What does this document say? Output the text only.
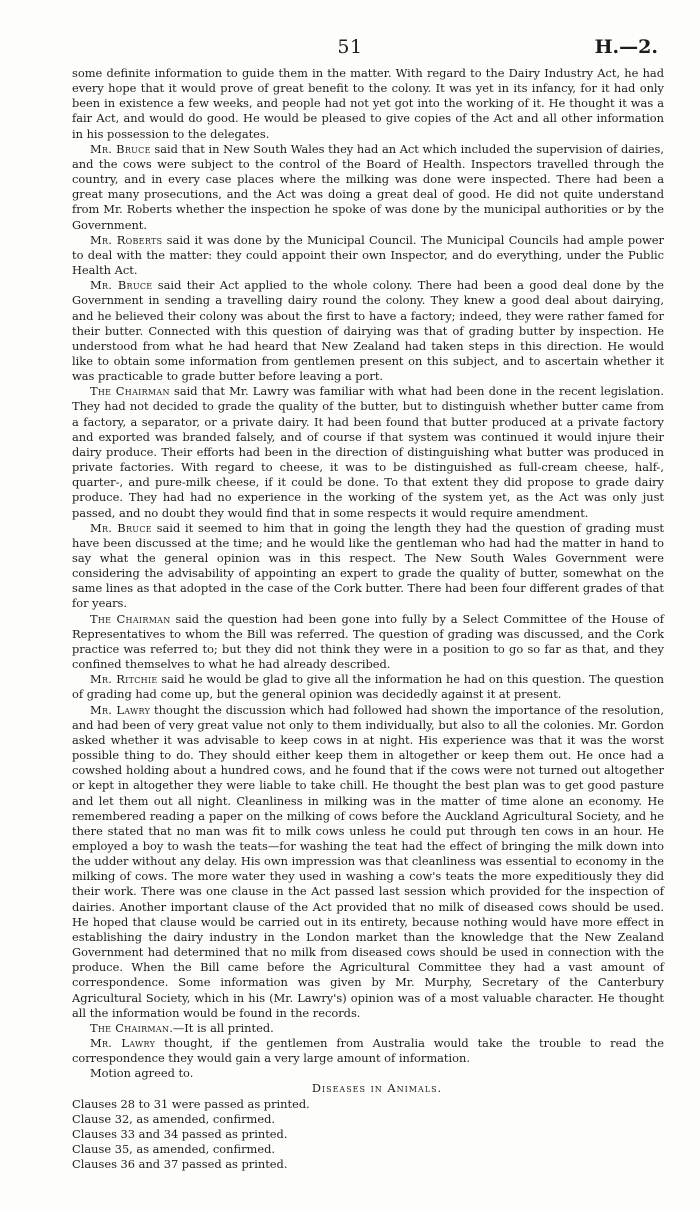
51	H.—2.

some definite information to guide them in the matter. With regard to the Dairy Industry Act, he had every hope that it would prove of great benefit to the colony. It was yet in its infancy, for it had only been in existence a few weeks, and people had not yet got into the working of it. He thought it was a fair Act, and would do good. He would be pleased to give copies of the Act and all other information in his possession to the delegates.

Mr. Bruce said that in New South Wales they had an Act which included the supervision of dairies, and the cows were subject to the control of the Board of Health. Inspectors travelled through the country, and in every case places where the milking was done were inspected. There had been a great many prosecutions, and the Act was doing a great deal of good. He did not quite understand from Mr. Roberts whether the inspection he spoke of was done by the municipal authorities or by the Government.

Mr. Roberts said it was done by the Municipal Council. The Municipal Councils had ample power to deal with the matter: they could appoint their own Inspector, and do everything, under the Public Health Act.

Mr. Bruce said their Act applied to the whole colony. There had been a good deal done by the Government in sending a travelling dairy round the colony. They knew a good deal about dairying, and he believed their colony was about the first to have a factory; indeed, they were rather famed for their butter. Connected with this question of dairying was that of grading butter by inspection. He understood from what he had heard that New Zealand had taken steps in this direction. He would like to obtain some information from gentlemen present on this subject, and to ascertain whether it was practicable to grade butter before leaving a port.

The Chairman said that Mr. Lawry was familiar with what had been done in the recent legislation. They had not decided to grade the quality of the butter, but to distinguish whether butter came from a factory, a separator, or a private dairy. It had been found that butter produced at a private factory and exported was branded falsely, and of course if that system was continued it would injure their dairy produce. Their efforts had been in the direction of distinguishing what butter was produced in private factories. With regard to cheese, it was to be distinguished as full-cream cheese, half-, quarter-, and pure-milk cheese, if it could be done. To that extent they did propose to grade dairy produce. They had had no experience in the working of the system yet, as the Act was only just passed, and no doubt they would find that in some respects it would require amendment.

Mr. Bruce said it seemed to him that in going the length they had the question of grading must have been discussed at the time; and he would like the gentleman who had had the matter in hand to say what the general opinion was in this respect. The New South Wales Government were considering the advisability of appointing an expert to grade the quality of butter, somewhat on the same lines as that adopted in the case of the Cork butter. There had been four different grades of that for years.

The Chairman said the question had been gone into fully by a Select Committee of the House of Representatives to whom the Bill was referred. The question of grading was discussed, and the Cork practice was referred to; but they did not think they were in a position to go so far as that, and they confined themselves to what he had already described.

Mr. Ritchie said he would be glad to give all the information he had on this question. The question of grading had come up, but the general opinion was decidedly against it at present.

Mr. Lawry thought the discussion which had followed had shown the importance of the resolution, and had been of very great value not only to them individually, but also to all the colonies. Mr. Gordon asked whether it was advisable to keep cows in at night. His experience was that it was the worst possible thing to do. They should either keep them in altogether or keep them out. He once had a cowshed holding about a hundred cows, and he found that if the cows were not turned out altogether or kept in altogether they were liable to take chill. He thought the best plan was to get good pasture and let them out all night. Cleanliness in milking was in the matter of time alone an economy. He remembered reading a paper on the milking of cows before the Auckland Agricultural Society, and he there stated that no man was fit to milk cows unless he could put through ten cows in an hour. He employed a boy to wash the teats—for washing the teat had the effect of bringing the milk down into the udder without any delay. His own impression was that cleanliness was essential to economy in the milking of cows. The more water they used in washing a cow's teats the more expeditiously they did their work. There was one clause in the Act passed last session which provided for the inspection of dairies. Another important clause of the Act provided that no milk of diseased cows should be used. He hoped that clause would be carried out in its entirety, because nothing would have more effect in establishing the dairy industry in the London market than the knowledge that the New Zealand Government had determined that no milk from diseased cows should be used in connection with the produce. When the Bill came before the Agricultural Committee they had a vast amount of correspondence. Some information was given by Mr. Murphy, Secretary of the Canterbury Agricultural Society, which in his (Mr. Lawry's) opinion was of a most valuable character. He thought all the information would be found in the records.

The Chairman.—It is all printed.

Mr. Lawry thought, if the gentlemen from Australia would take the trouble to read the correspondence they would gain a very large amount of information.

Motion agreed to.

Diseases in Animals.

Clauses 28 to 31 were passed as printed.

Clause 32, as amended, confirmed.

Clauses 33 and 34 passed as printed.

Clause 35, as amended, confirmed.

Clauses 36 and 37 passed as printed.
